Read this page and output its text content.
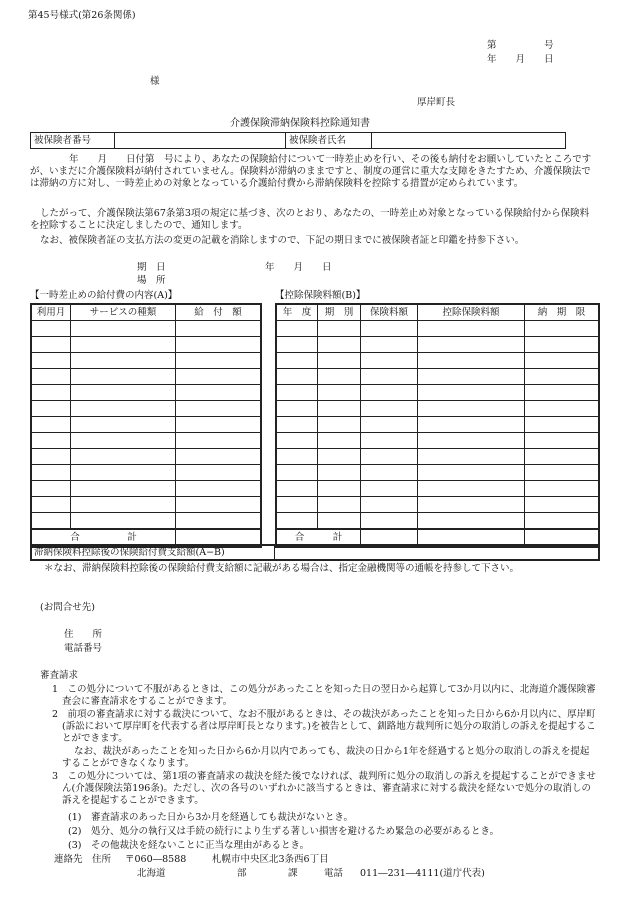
第45号様式(第26条関係)
第　　　　　号
年　　月　　日
様
厚岸町長
介護保険滞納保険料控除通知書
被保険者番号		被保険者氏名	
　　年　　月　　日付第　号により、あなたの保険給付について一時差止めを行い、その後も納付をお願いしていたところですが、いまだに介護保険料が納付されていません。保険料が滞納のままですと、制度の運営に重大な支障をきたすため、介護保険法では滞納の方に対し、一時差止めの対象となっている介護給付費から滞納保険料を控除する措置が定められています。
したがって、介護保険法第67条第3項の規定に基づき、次のとおり、あなたの、一時差止め対象となっている保険給付から保険料を控除することに決定しましたので、通知します。
なお、被保険者証の支払方法の変更の記載を消除しますので、下記の期日までに被保険者証と印鑑を持参下さい。
期　日	年　　月　　日
場　所
【一時差止めの給付費の内容(A)】	【控除保険料額(B)】
利用月	サービスの種類	給　付　額

合　　　　　計		
年　度	期　別	保険料額	控除保険料額	納　期　限

合　　　計				
滞納保険料控除後の保険給付費支給額(A−B)	
＊なお、滞納保険料控除後の保険給付費支給額に記載がある場合は、指定金融機関等の通帳を持参して下さい。
(お問合せ先)
住　　所
電話番号
審査請求
1　この処分について不服があるときは、この処分があったことを知った日の翌日から起算して3か月以内に、北海道介護保険審査会に審査請求をすることができます。
2　前項の審査請求に対する裁決について、なお不服があるときは、その裁決があったことを知った日から6か月以内に、厚岸町(訴訟において厚岸町を代表する者は厚岸町長となります。)を被告として、釧路地方裁判所に処分の取消しの訴えを提起することができます。
なお、裁決があったことを知った日から6か月以内であっても、裁決の日から1年を経過すると処分の取消しの訴えを提起することができなくなります。
3　この処分については、第1項の審査請求の裁決を経た後でなければ、裁判所に処分の取消しの訴えを提起することができません(介護保険法第196条)。ただし、次の各号のいずれかに該当するときは、審査請求に対する裁決を経ないで処分の取消しの訴えを提起することができます。
(1)　審査請求のあった日から3か月を経過しても裁決がないとき。
(2)　処分、処分の執行又は手続の続行により生ずる著しい損害を避けるため緊急の必要があるとき。
(3)　その他裁決を経ないことに正当な理由があるとき。
連絡先 住所 〒060―8588	札幌市中央区北3条西6丁目
北海道	部	課	電話 011―231―4111(道庁代表)
